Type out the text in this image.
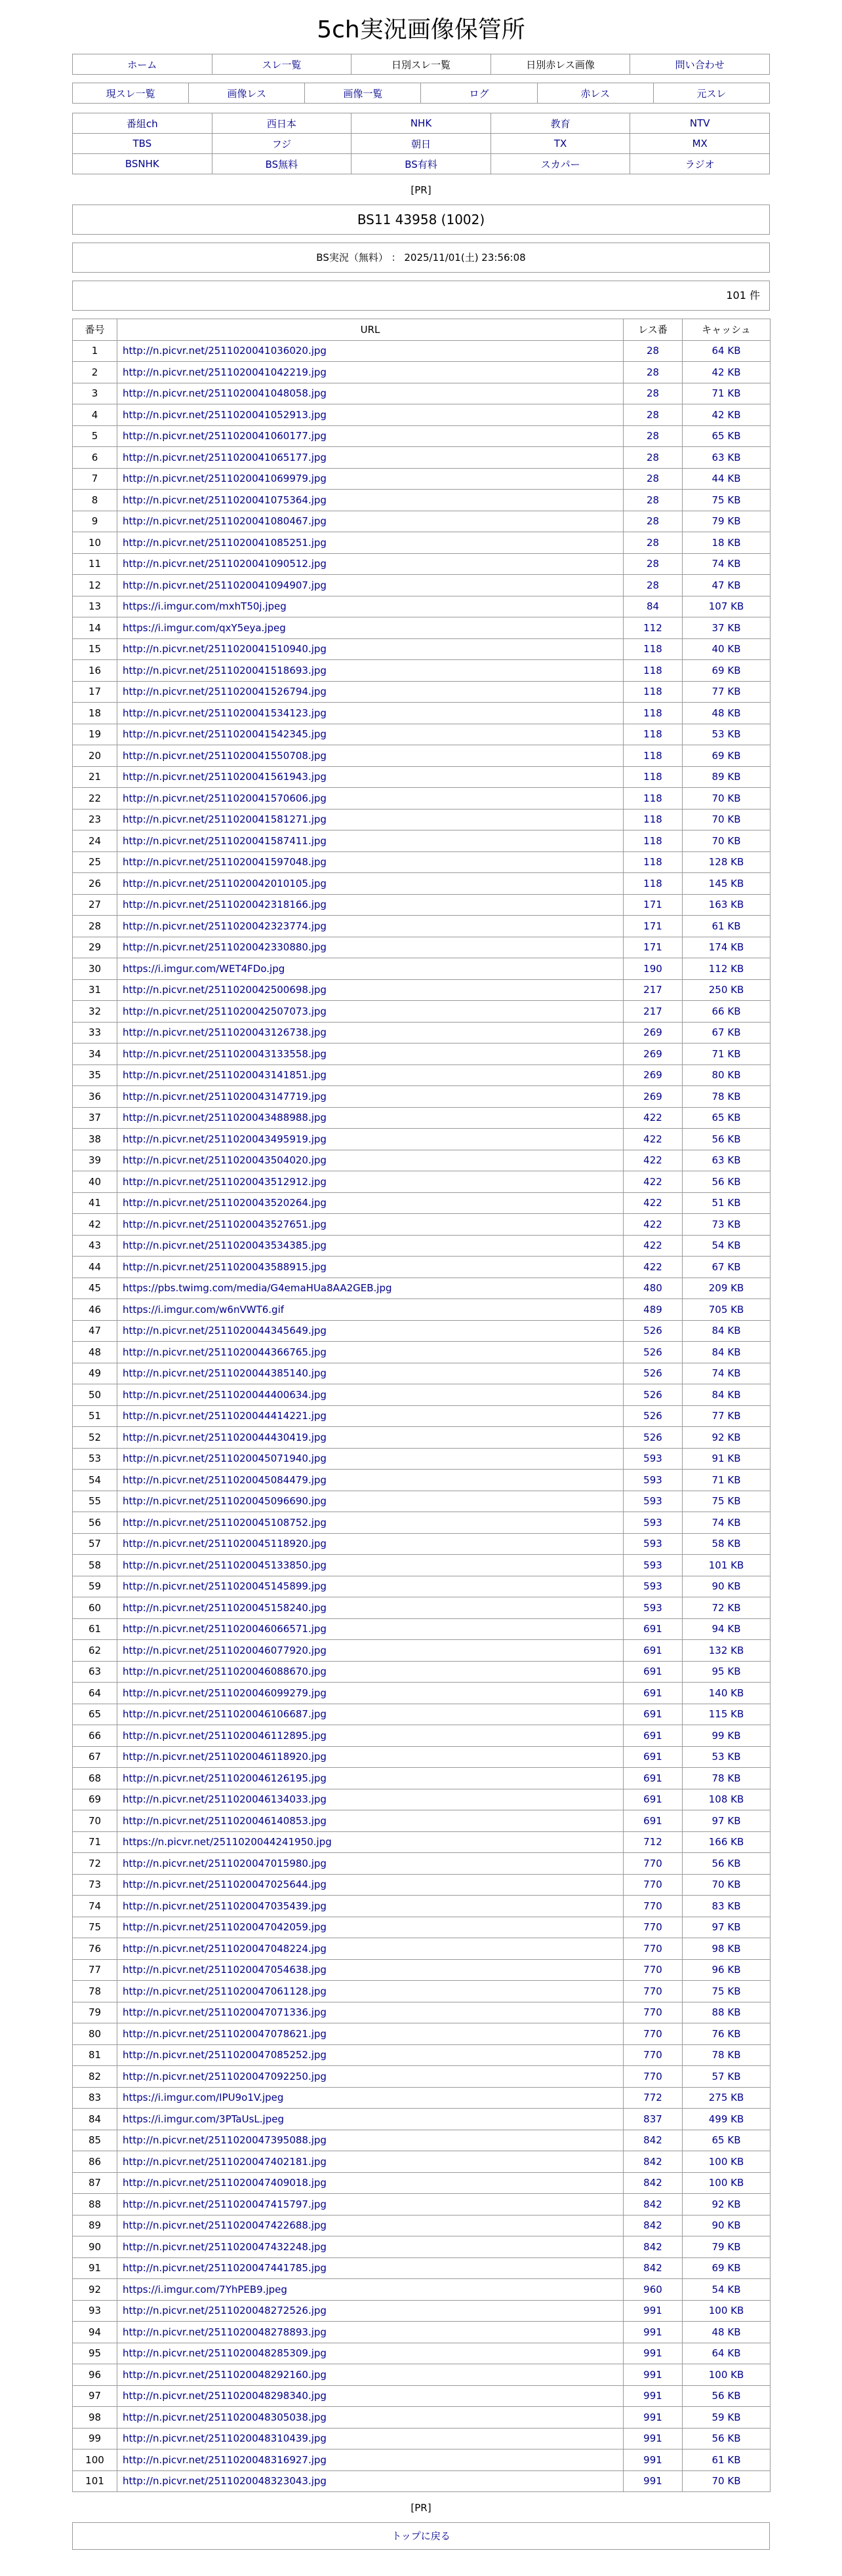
5ch実況画像保管所
ホーム	スレ一覧	日別スレ一覧	日別赤レス画像	問い合わせ
現スレ一覧	画像レス	画像一覧	ログ	赤レス	元スレ
番組ch	西日本	NHK	教育	NTV
TBS	フジ	朝日	TX	MX
BSNHK	BS無料	BS有料	スカパー	ラジオ
[PR]
BS11 43958 (1002)
BS実況（無料） ： 2025/11/01(土) 23:56:08
101 件
番号	URL	レス番	キャッシュ
1	http://n.picvr.net/2511020041036020.jpg	28	64 KB
2	http://n.picvr.net/2511020041042219.jpg	28	42 KB
3	http://n.picvr.net/2511020041048058.jpg	28	71 KB
4	http://n.picvr.net/2511020041052913.jpg	28	42 KB
5	http://n.picvr.net/2511020041060177.jpg	28	65 KB
6	http://n.picvr.net/2511020041065177.jpg	28	63 KB
7	http://n.picvr.net/2511020041069979.jpg	28	44 KB
8	http://n.picvr.net/2511020041075364.jpg	28	75 KB
9	http://n.picvr.net/2511020041080467.jpg	28	79 KB
10	http://n.picvr.net/2511020041085251.jpg	28	18 KB
11	http://n.picvr.net/2511020041090512.jpg	28	74 KB
12	http://n.picvr.net/2511020041094907.jpg	28	47 KB
13	https://i.imgur.com/mxhT50j.jpeg	84	107 KB
14	https://i.imgur.com/qxY5eya.jpeg	112	37 KB
15	http://n.picvr.net/2511020041510940.jpg	118	40 KB
16	http://n.picvr.net/2511020041518693.jpg	118	69 KB
17	http://n.picvr.net/2511020041526794.jpg	118	77 KB
18	http://n.picvr.net/2511020041534123.jpg	118	48 KB
19	http://n.picvr.net/2511020041542345.jpg	118	53 KB
20	http://n.picvr.net/2511020041550708.jpg	118	69 KB
21	http://n.picvr.net/2511020041561943.jpg	118	89 KB
22	http://n.picvr.net/2511020041570606.jpg	118	70 KB
23	http://n.picvr.net/2511020041581271.jpg	118	70 KB
24	http://n.picvr.net/2511020041587411.jpg	118	70 KB
25	http://n.picvr.net/2511020041597048.jpg	118	128 KB
26	http://n.picvr.net/2511020042010105.jpg	118	145 KB
27	http://n.picvr.net/2511020042318166.jpg	171	163 KB
28	http://n.picvr.net/2511020042323774.jpg	171	61 KB
29	http://n.picvr.net/2511020042330880.jpg	171	174 KB
30	https://i.imgur.com/WET4FDo.jpg	190	112 KB
31	http://n.picvr.net/2511020042500698.jpg	217	250 KB
32	http://n.picvr.net/2511020042507073.jpg	217	66 KB
33	http://n.picvr.net/2511020043126738.jpg	269	67 KB
34	http://n.picvr.net/2511020043133558.jpg	269	71 KB
35	http://n.picvr.net/2511020043141851.jpg	269	80 KB
36	http://n.picvr.net/2511020043147719.jpg	269	78 KB
37	http://n.picvr.net/2511020043488988.jpg	422	65 KB
38	http://n.picvr.net/2511020043495919.jpg	422	56 KB
39	http://n.picvr.net/2511020043504020.jpg	422	63 KB
40	http://n.picvr.net/2511020043512912.jpg	422	56 KB
41	http://n.picvr.net/2511020043520264.jpg	422	51 KB
42	http://n.picvr.net/2511020043527651.jpg	422	73 KB
43	http://n.picvr.net/2511020043534385.jpg	422	54 KB
44	http://n.picvr.net/2511020043588915.jpg	422	67 KB
45	https://pbs.twimg.com/media/G4emaHUa8AA2GEB.jpg	480	209 KB
46	https://i.imgur.com/w6nVWT6.gif	489	705 KB
47	http://n.picvr.net/2511020044345649.jpg	526	84 KB
48	http://n.picvr.net/2511020044366765.jpg	526	84 KB
49	http://n.picvr.net/2511020044385140.jpg	526	74 KB
50	http://n.picvr.net/2511020044400634.jpg	526	84 KB
51	http://n.picvr.net/2511020044414221.jpg	526	77 KB
52	http://n.picvr.net/2511020044430419.jpg	526	92 KB
53	http://n.picvr.net/2511020045071940.jpg	593	91 KB
54	http://n.picvr.net/2511020045084479.jpg	593	71 KB
55	http://n.picvr.net/2511020045096690.jpg	593	75 KB
56	http://n.picvr.net/2511020045108752.jpg	593	74 KB
57	http://n.picvr.net/2511020045118920.jpg	593	58 KB
58	http://n.picvr.net/2511020045133850.jpg	593	101 KB
59	http://n.picvr.net/2511020045145899.jpg	593	90 KB
60	http://n.picvr.net/2511020045158240.jpg	593	72 KB
61	http://n.picvr.net/2511020046066571.jpg	691	94 KB
62	http://n.picvr.net/2511020046077920.jpg	691	132 KB
63	http://n.picvr.net/2511020046088670.jpg	691	95 KB
64	http://n.picvr.net/2511020046099279.jpg	691	140 KB
65	http://n.picvr.net/2511020046106687.jpg	691	115 KB
66	http://n.picvr.net/2511020046112895.jpg	691	99 KB
67	http://n.picvr.net/2511020046118920.jpg	691	53 KB
68	http://n.picvr.net/2511020046126195.jpg	691	78 KB
69	http://n.picvr.net/2511020046134033.jpg	691	108 KB
70	http://n.picvr.net/2511020046140853.jpg	691	97 KB
71	https://n.picvr.net/2511020044241950.jpg	712	166 KB
72	http://n.picvr.net/2511020047015980.jpg	770	56 KB
73	http://n.picvr.net/2511020047025644.jpg	770	70 KB
74	http://n.picvr.net/2511020047035439.jpg	770	83 KB
75	http://n.picvr.net/2511020047042059.jpg	770	97 KB
76	http://n.picvr.net/2511020047048224.jpg	770	98 KB
77	http://n.picvr.net/2511020047054638.jpg	770	96 KB
78	http://n.picvr.net/2511020047061128.jpg	770	75 KB
79	http://n.picvr.net/2511020047071336.jpg	770	88 KB
80	http://n.picvr.net/2511020047078621.jpg	770	76 KB
81	http://n.picvr.net/2511020047085252.jpg	770	78 KB
82	http://n.picvr.net/2511020047092250.jpg	770	57 KB
83	https://i.imgur.com/IPU9o1V.jpeg	772	275 KB
84	https://i.imgur.com/3PTaUsL.jpeg	837	499 KB
85	http://n.picvr.net/2511020047395088.jpg	842	65 KB
86	http://n.picvr.net/2511020047402181.jpg	842	100 KB
87	http://n.picvr.net/2511020047409018.jpg	842	100 KB
88	http://n.picvr.net/2511020047415797.jpg	842	92 KB
89	http://n.picvr.net/2511020047422688.jpg	842	90 KB
90	http://n.picvr.net/2511020047432248.jpg	842	79 KB
91	http://n.picvr.net/2511020047441785.jpg	842	69 KB
92	https://i.imgur.com/7YhPEB9.jpeg	960	54 KB
93	http://n.picvr.net/2511020048272526.jpg	991	100 KB
94	http://n.picvr.net/2511020048278893.jpg	991	48 KB
95	http://n.picvr.net/2511020048285309.jpg	991	64 KB
96	http://n.picvr.net/2511020048292160.jpg	991	100 KB
97	http://n.picvr.net/2511020048298340.jpg	991	56 KB
98	http://n.picvr.net/2511020048305038.jpg	991	59 KB
99	http://n.picvr.net/2511020048310439.jpg	991	56 KB
100	http://n.picvr.net/2511020048316927.jpg	991	61 KB
101	http://n.picvr.net/2511020048323043.jpg	991	70 KB
[PR]
トップに戻る
